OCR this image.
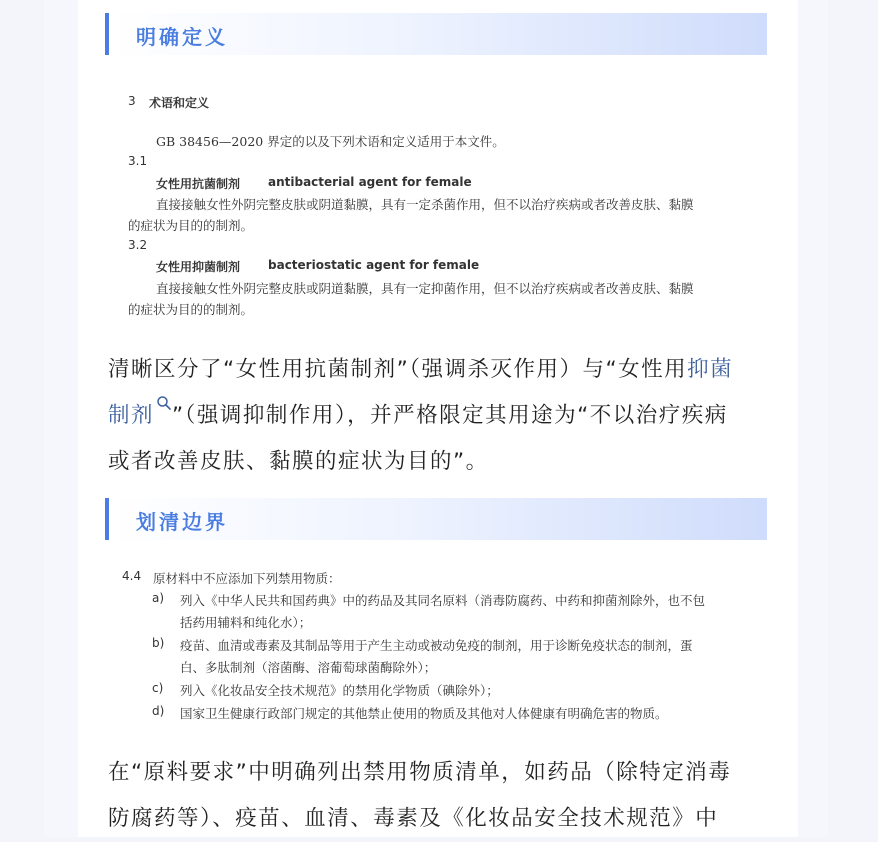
明确定义
3 术语和定义
GB 38456—2020 界定的以及下列术语和定义适用于本文件。
3.1
女性用抗菌制剂 antibacterial agent for female
直接接触女性外阴完整皮肤或阴道黏膜，具有一定杀菌作用，但不以治疗疾病或者改善皮肤、黏膜
的症状为目的的制剂。
3.2
女性用抑菌制剂 bacteriostatic agent for female
直接接触女性外阴完整皮肤或阴道黏膜，具有一定抑菌作用，但不以治疗疾病或者改善皮肤、黏膜
的症状为目的的制剂。
清晰区分了“女性用抗菌制剂”（强调杀灭作用）与“女性用抑菌
制剂 ”（强调抑制作用），并严格限定其用途为“不以治疗疾病
或者改善皮肤、黏膜的症状为目的”。
划清边界
4.4 原材料中不应添加下列禁用物质：
a) 列入《中华人民共和国药典》中的药品及其同名原料（消毒防腐药、中药和抑菌剂除外，也不包
括药用辅料和纯化水）；
b) 疫苗、血清或毒素及其制品等用于产生主动或被动免疫的制剂，用于诊断免疫状态的制剂，蛋
白、多肽制剂（溶菌酶、溶葡萄球菌酶除外）；
c) 列入《化妆品安全技术规范》的禁用化学物质（碘除外）；
d) 国家卫生健康行政部门规定的其他禁止使用的物质及其他对人体健康有明确危害的物质。
在“原料要求”中明确列出禁用物质清单，如药品（除特定消毒
防腐药等）、疫苗、血清、毒素及《化妆品安全技术规范》中
